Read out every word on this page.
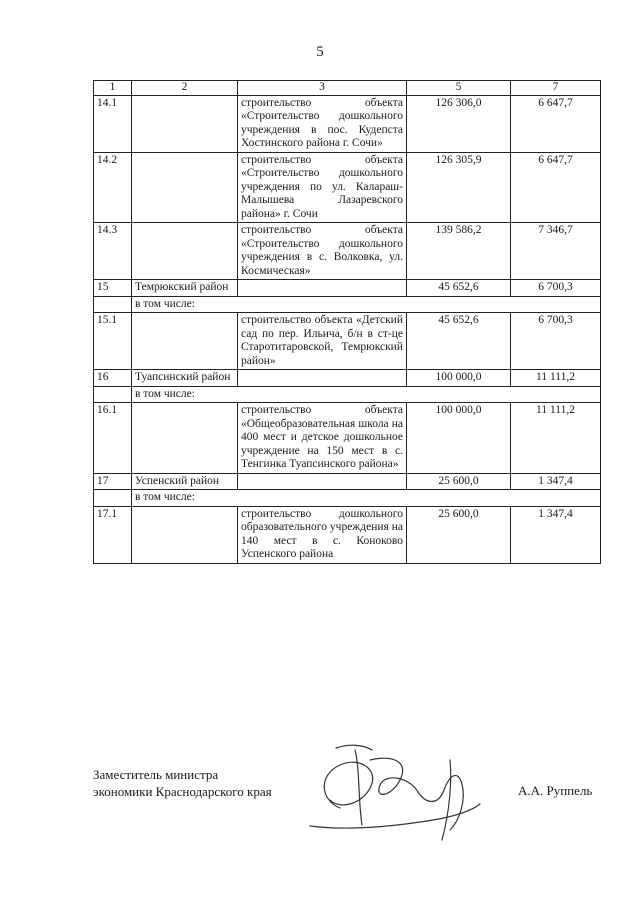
5
1	2	3	5	7
14.1		строительство объекта «Строительство дошкольного учреждения в пос. Кудепста Хостинского района г. Сочи»	126 306,0	6 647,7
14.2		строительство объекта «Строительство дошкольного учреждения по ул. Калараш-Малышева Лазаревского района» г. Сочи	126 305,9	6 647,7
14.3		строительство объекта «Строительство дошкольного учреждения в с. Волковка, ул. Космическая»	139 586,2	7 346,7
15	Темрюкский район		45 652,6	6 700,3
	в том числе:			
15.1		строительство объекта «Детский сад по пер. Ильича, б/н в ст-це Старотитаровской, Темрюкский район»	45 652,6	6 700,3
16	Туапсинский район		100 000,0	11 111,2
	в том числе:			
16.1		строительство объекта «Общеобразовательная школа на 400 мест и детское дошкольное учреждение на 150 мест в с. Тенгинка Туапсинского района»	100 000,0	11 111,2
17	Успенский район		25 600,0	1 347,4
	в том числе:			
17.1		строительство дошкольного образовательного учреждения на 140 мест в с. Коноково Успенского района	25 600,0	1 347,4
Заместитель министра
экономики Краснодарского края	А.А. Руппель
